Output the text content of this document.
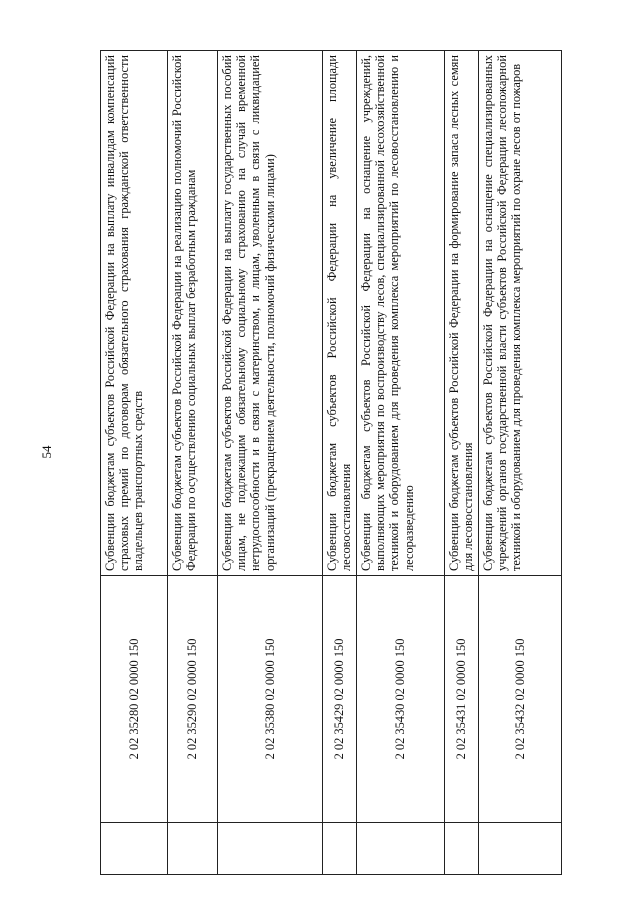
54
	2 02 35280 02 0000 150	Субвенции бюджетам субъектов Российской Федерации на выплату инвалидам компенсаций страховых премий по договорам обязательного страхования гражданской ответственности владельцев транспортных средств
	2 02 35290 02 0000 150	Субвенции бюджетам субъектов Российской Федерации на реализацию полномочий Российской Федерации по осуществлению социальных выплат безработным гражданам
	2 02 35380 02 0000 150	Субвенции бюджетам субъектов Российской Федерации на выплату государственных пособий лицам, не подлежащим обязательному социальному страхованию на случай временной нетрудоспособности и в связи с материнством, и лицам, уволенным в связи с ликвидацией организаций (прекращением деятельности, полномочий физическими лицами)
	2 02 35429 02 0000 150	Субвенции бюджетам субъектов Российской Федерации на увеличение площади лесовосстановления
	2 02 35430 02 0000 150	Субвенции бюджетам субъектов Российской Федерации на оснащение учреждений, выполняющих мероприятия по воспроизводству лесов, специализированной лесохозяйственной техникой и оборудованием для проведения комплекса мероприятий по лесовосстановлению и лесоразведению
	2 02 35431 02 0000 150	Субвенции бюджетам субъектов Российской Федерации на формирование запаса лесных семян для лесовосстановления
	2 02 35432 02 0000 150	Субвенции бюджетам субъектов Российской Федерации на оснащение специализированных учреждений органов государственной власти субъектов Российской Федерации лесопожарной техникой и оборудованием для проведения комплекса мероприятий по охране лесов от пожаров
